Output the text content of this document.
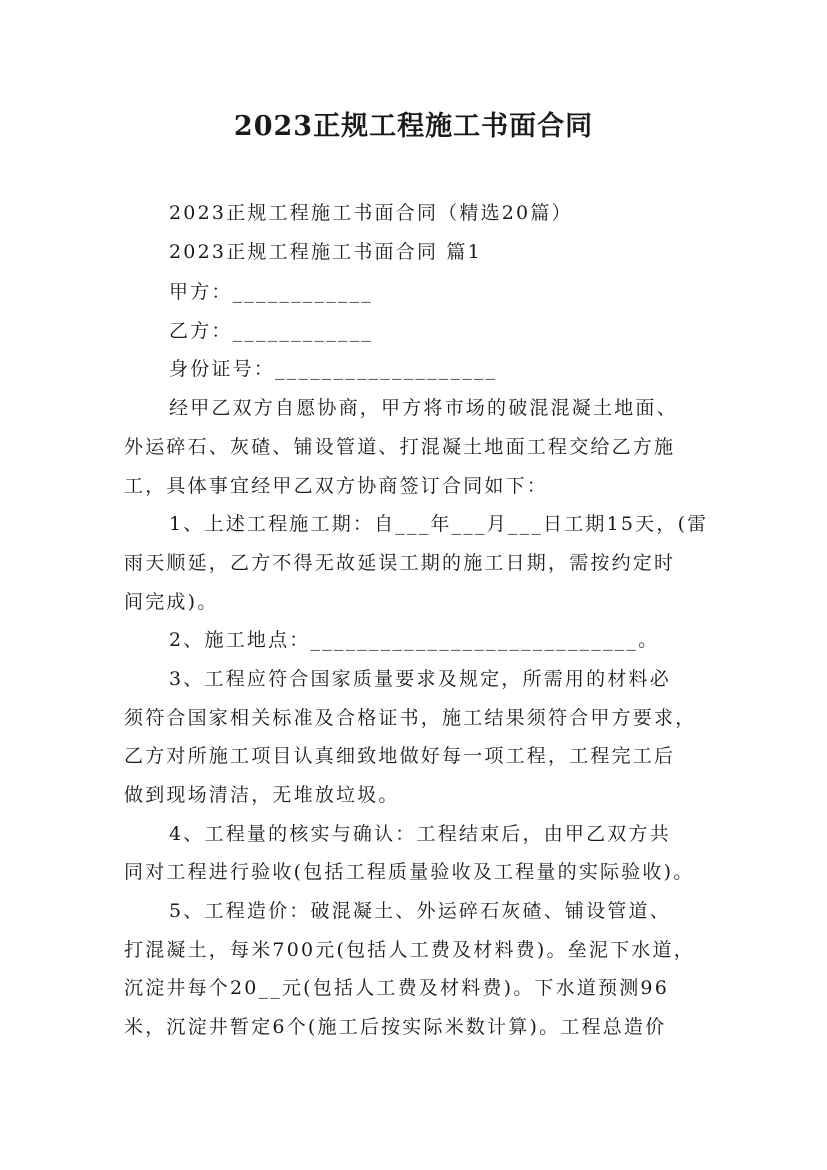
2023正规工程施工书面合同
2023正规工程施工书面合同（精选20篇）
2023正规工程施工书面合同 篇1
甲方：____________
乙方：____________
身份证号：___________________
经甲乙双方自愿协商，甲方将市场的破混混凝土地面、
外运碎石、灰碴、铺设管道、打混凝土地面工程交给乙方施
工，具体事宜经甲乙双方协商签订合同如下：
1、上述工程施工期：自___年___月___日工期15天，(雷
雨天顺延，乙方不得无故延误工期的施工日期，需按约定时
间完成)。
2、施工地点：____________________________。
3、工程应符合国家质量要求及规定，所需用的材料必
须符合国家相关标准及合格证书，施工结果须符合甲方要求，
乙方对所施工项目认真细致地做好每一项工程，工程完工后
做到现场清洁，无堆放垃圾。
4、工程量的核实与确认：工程结束后，由甲乙双方共
同对工程进行验收(包括工程质量验收及工程量的实际验收)。
5、工程造价：破混凝土、外运碎石灰碴、铺设管道、
打混凝土，每米700元(包括人工费及材料费)。垒泥下水道，
沉淀井每个20__元(包括人工费及材料费)。下水道预测96
米，沉淀井暂定6个(施工后按实际米数计算)。工程总造价
